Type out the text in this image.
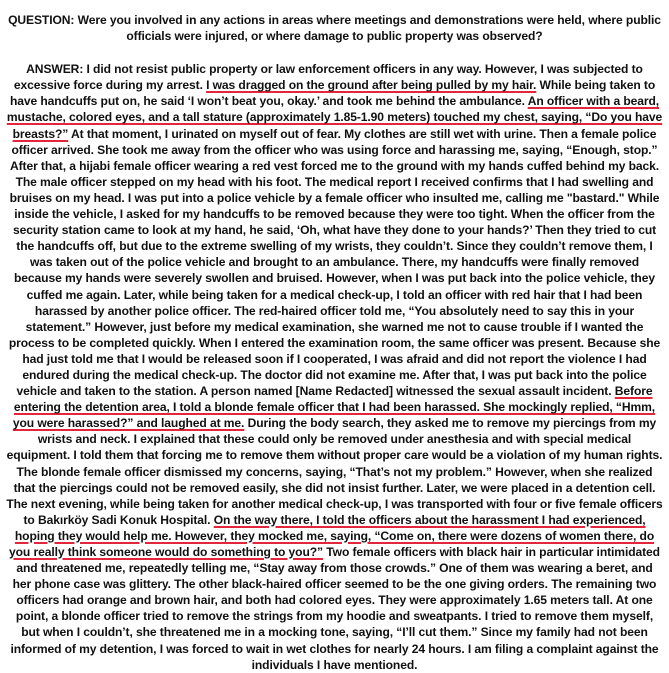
QUESTION: Were you involved in any actions in areas where meetings and demonstrations were held, where public officials were injured, or where damage to public property was observed?

ANSWER: I did not resist public property or law enforcement officers in any way. However, I was subjected to excessive force during my arrest. I was dragged on the ground after being pulled by my hair. While being taken to have handcuffs put on, he said ‘I won’t beat you, okay.’ and took me behind the ambulance. An officer with a beard, mustache, colored eyes, and a tall stature (approximately 1.85-1.90 meters) touched my chest, saying, “Do you have breasts?” At that moment, I urinated on myself out of fear. My clothes are still wet with urine. Then a female police officer arrived. She took me away from the officer who was using force and harassing me, saying, “Enough, stop.” After that, a hijabi female officer wearing a red vest forced me to the ground with my hands cuffed behind my back. The male officer stepped on my head with his foot. The medical report I received confirms that I had swelling and bruises on my head. I was put into a police vehicle by a female officer who insulted me, calling me "bastard." While inside the vehicle, I asked for my handcuffs to be removed because they were too tight. When the officer from the security station came to look at my hand, he said, ‘Oh, what have they done to your hands?’ Then they tried to cut the handcuffs off, but due to the extreme swelling of my wrists, they couldn’t. Since they couldn’t remove them, I was taken out of the police vehicle and brought to an ambulance. There, my handcuffs were finally removed because my hands were severely swollen and bruised. However, when I was put back into the police vehicle, they cuffed me again. Later, while being taken for a medical check-up, I told an officer with red hair that I had been harassed by another police officer. The red-haired officer told me, “You absolutely need to say this in your statement.” However, just before my medical examination, she warned me not to cause trouble if I wanted the process to be completed quickly. When I entered the examination room, the same officer was present. Because she had just told me that I would be released soon if I cooperated, I was afraid and did not report the violence I had endured during the medical check-up. The doctor did not examine me. After that, I was put back into the police vehicle and taken to the station. A person named [Name Redacted] witnessed the sexual assault incident. Before entering the detention area, I told a blonde female officer that I had been harassed. She mockingly replied, “Hmm, you were harassed?” and laughed at me. During the body search, they asked me to remove my piercings from my wrists and neck. I explained that these could only be removed under anesthesia and with special medical equipment. I told them that forcing me to remove them without proper care would be a violation of my human rights. The blonde female officer dismissed my concerns, saying, “That’s not my problem.” However, when she realized that the piercings could not be removed easily, she did not insist further. Later, we were placed in a detention cell. The next evening, while being taken for another medical check-up, I was transported with four or five female officers to Bakırköy Sadi Konuk Hospital. On the way there, I told the officers about the harassment I had experienced, hoping they would help me. However, they mocked me, saying, “Come on, there were dozens of women there, do you really think someone would do something to you?” Two female officers with black hair in particular intimidated and threatened me, repeatedly telling me, “Stay away from those crowds.” One of them was wearing a beret, and her phone case was glittery. The other black-haired officer seemed to be the one giving orders. The remaining two officers had orange and brown hair, and both had colored eyes. They were approximately 1.65 meters tall. At one point, a blonde officer tried to remove the strings from my hoodie and sweatpants. I tried to remove them myself, but when I couldn’t, she threatened me in a mocking tone, saying, “I’ll cut them.” Since my family had not been informed of my detention, I was forced to wait in wet clothes for nearly 24 hours. I am filing a complaint against the individuals I have mentioned.
